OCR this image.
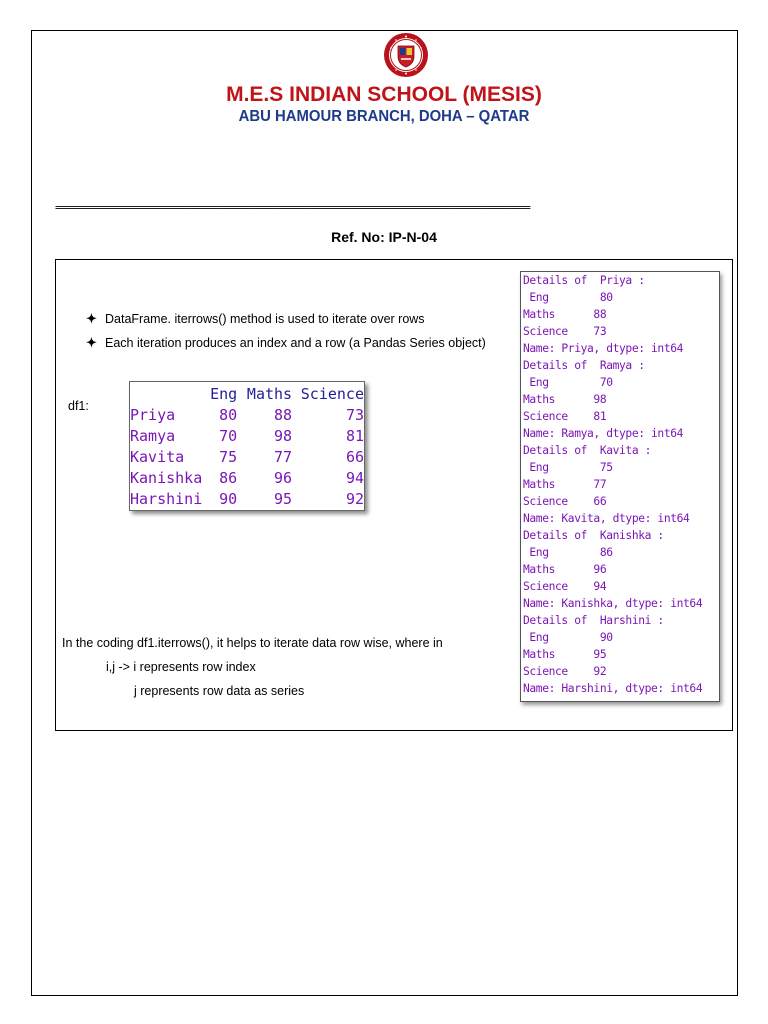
M.E.S INDIAN SCHOOL (MESIS)
ABU HAMOUR BRANCH, DOHA – QATAR
==========================================================================================
Ref. No: IP-N-04
✦ DataFrame. iterrows() method is used to iterate over rows
✦ Each iteration produces an index and a row (a Pandas Series object)
df1:
	Eng	Maths	Science
Priya	80	88	73
Ramya	70	98	81
Kavita	75	77	66
Kanishka	86	96	94
Harshini	90	95	92
In the coding df1.iterrows(), it helps to iterate data row wise, where in
i,j -> i represents row index
j represents row data as series
Details of  Priya :
Eng        80
Maths      88
Science    73
Name: Priya, dtype: int64
Details of  Ramya :
Eng        70
Maths      98
Science    81
Name: Ramya, dtype: int64
Details of  Kavita :
Eng        75
Maths      77
Science    66
Name: Kavita, dtype: int64
Details of  Kanishka :
Eng        86
Maths      96
Science    94
Name: Kanishka, dtype: int64
Details of  Harshini :
Eng        90
Maths      95
Science    92
Name: Harshini, dtype: int64
